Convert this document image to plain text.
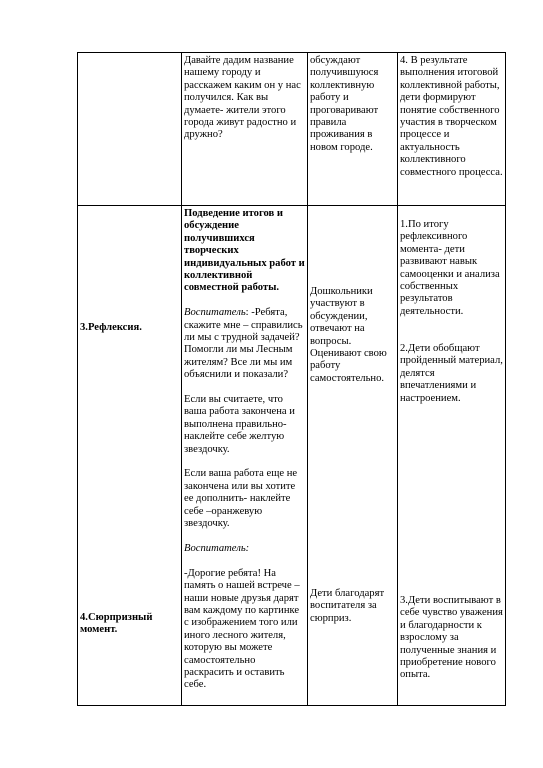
Давайте дадим название нашему городу и расскажем каким он у нас получился. Как вы думаете- жители этого города живут радостно и дружно?

обсуждают получившуюся коллективную работу и проговаривают правила проживания в новом городе.

4. В результате выполнения итоговой коллективной работы, дети формируют понятие собственного участия в творческом процессе и актуальность коллективного совместного процесса.

3.Рефлексия.

4.Сюрпризный момент.

Подведение итогов и обсуждение получившихся творческих индивидуальных работ и коллективной совместной работы.

Воспитатель: -Ребята, скажите мне – справились ли мы с трудной задачей? Помогли ли мы Лесным жителям? Все ли мы им объяснили и показали?

Если вы считаете, что ваша работа закончена и выполнена правильно- наклейте себе желтую звездочку.

Если ваша работа еще не закончена или вы хотите ее дополнить- наклейте себе –оранжевую звездочку.

Воспитатель:

-Дорогие ребята! На память о нашей встрече – наши новые друзья дарят вам каждому по картинке с изображением того или иного лесного жителя, которую вы можете самостоятельно раскрасить и оставить себе.

Дошкольники участвуют в обсуждении, отвечают на вопросы. Оценивают свою работу самостоятельно.

Дети благодарят воспитателя за сюрприз.

1.По итогу рефлексивного момента- дети развивают навык самооценки и анализа собственных результатов деятельности.

2.Дети обобщают пройденный материал, делятся впечатлениями и настроением.

3.Дети воспитывают в себе чувство уважения и благодарности к взрослому за полученные знания и приобретение нового опыта.
